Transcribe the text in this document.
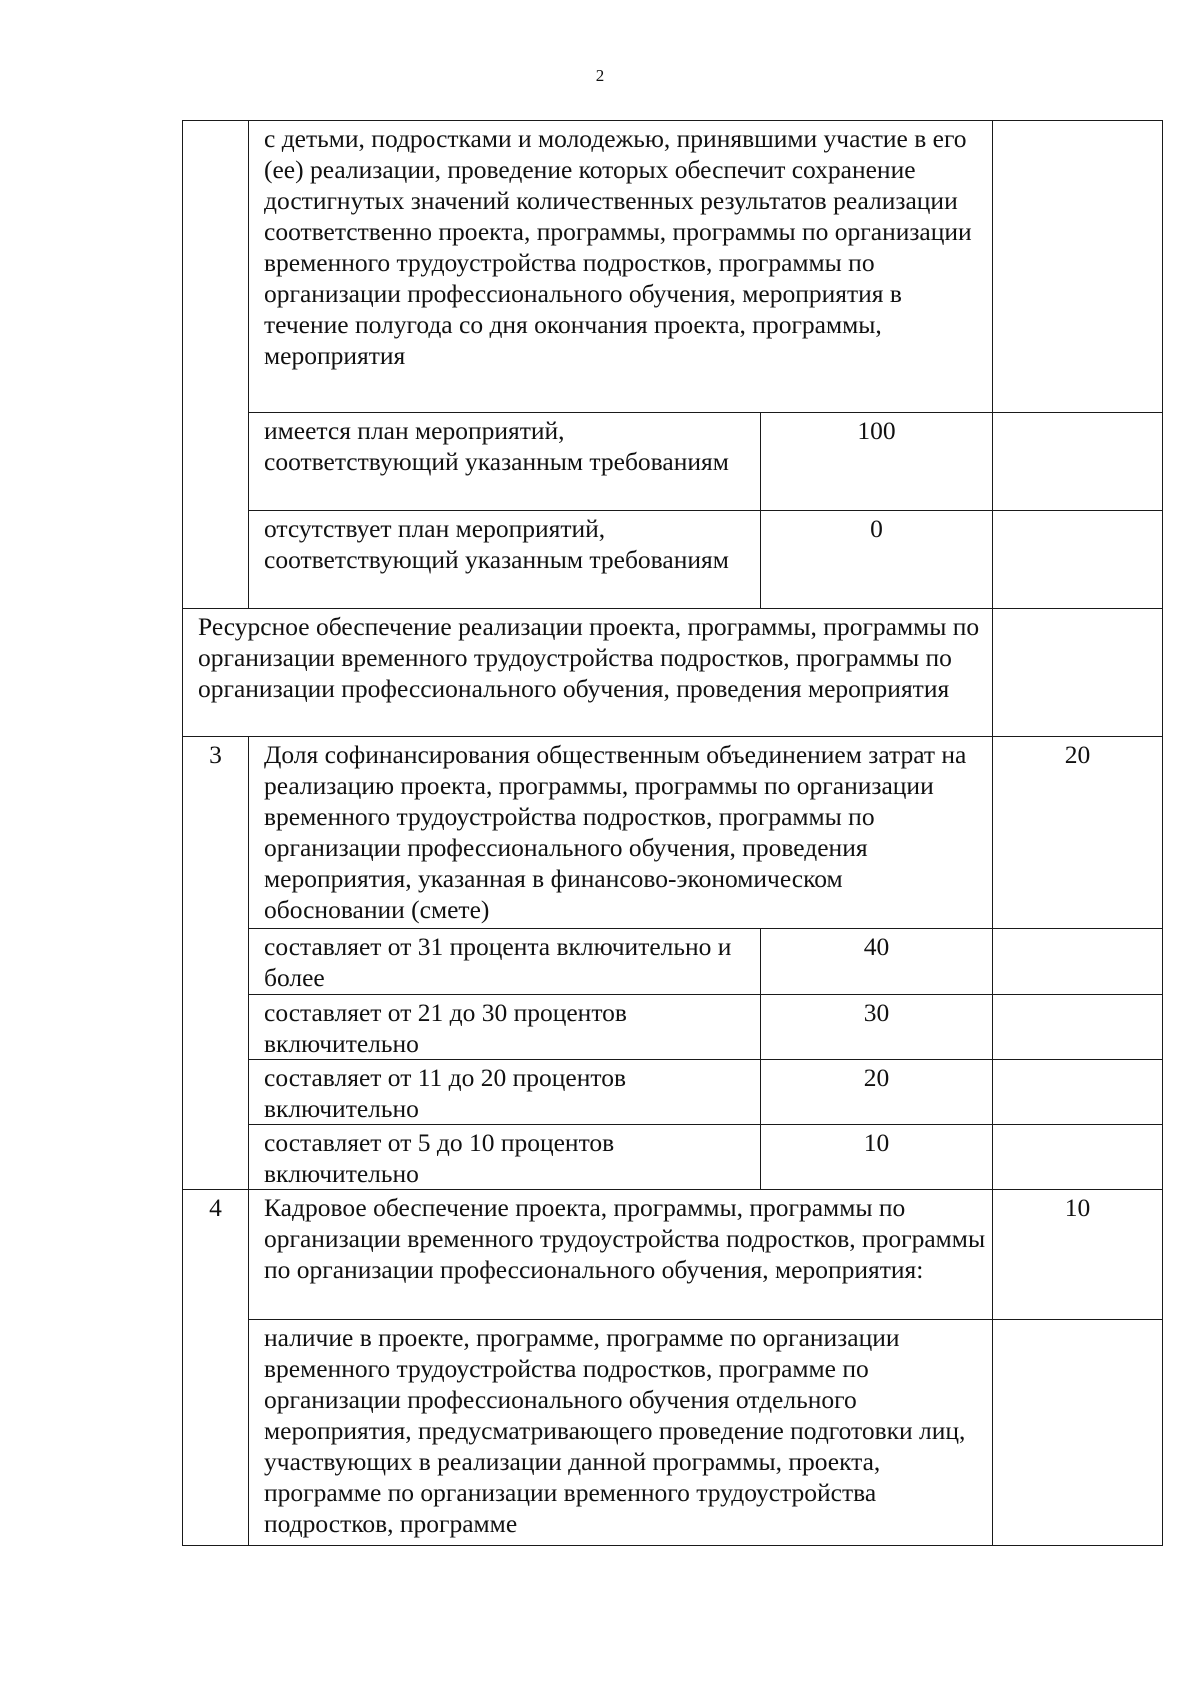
2

	с детьми, подростками и молодежью, принявшими участие в его (ее) реализации, проведение которых обеспечит сохранение достигнутых значений количественных результатов реализации соответственно проекта, программы, программы по организации временного трудоустройства подростков, программы по организации профессионального обучения, мероприятия в течение полугода со дня окончания проекта, программы, мероприятия		

	имеется план мероприятий, соответствующий указанным требованиям	100	

	отсутствует план мероприятий, соответствующий указанным требованиям	0	

Ресурсное обеспечение реализации проекта, программы, программы по организации временного трудоустройства подростков, программы по организации профессионального обучения, проведения мероприятия			

3	Доля софинансирования общественным объединением затрат на реализацию проекта, программы, программы по организации временного трудоустройства подростков, программы по организации профессионального обучения, проведения мероприятия, указанная в финансово-экономическом обосновании (смете)		20

	составляет от 31 процента включительно и более	40	

	составляет от 21 до 30 процентов включительно	30	

	составляет от 11 до 20 процентов включительно	20	

	составляет от 5 до 10 процентов включительно	10	
4	Кадровое обеспечение проекта, программы, программы по организации временного трудоустройства подростков, программы по организации профессионального обучения, мероприятия:		10

	наличие в проекте, программе, программе по организации временного трудоустройства подростков, программе по организации профессионального обучения отдельного мероприятия, предусматривающего проведение подготовки лиц, участвующих в реализации данной программы, проекта, программе по организации временного трудоустройства подростков, программе		
